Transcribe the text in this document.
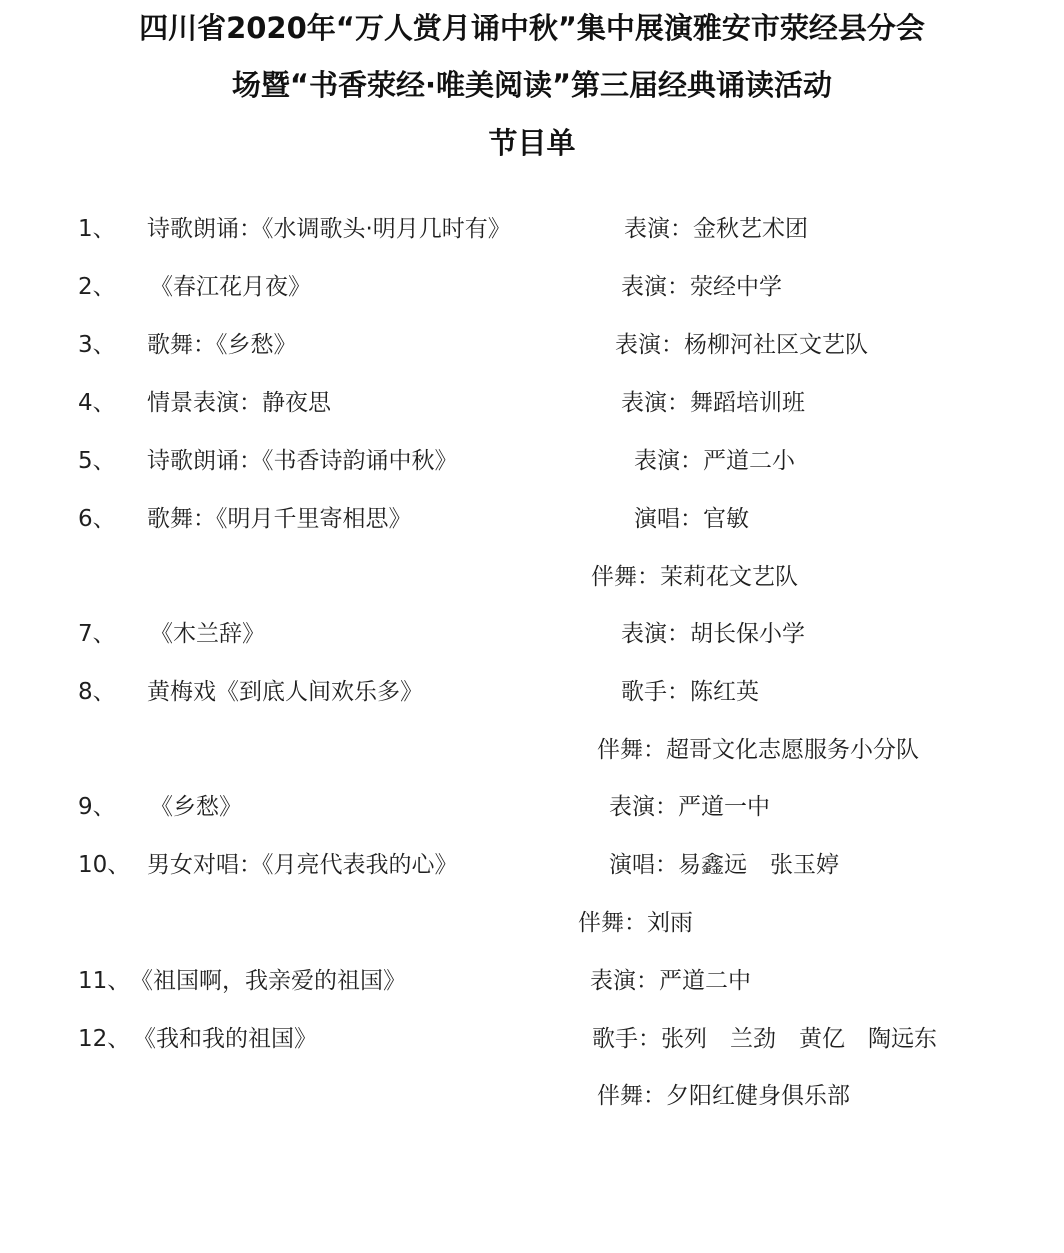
四川省2020年“万人赏月诵中秋”集中展演雅安市荥经县分会
场暨“书香荥经·唯美阅读”第三届经典诵读活动
节目单
1、 诗歌朗诵：《水调歌头·明月几时有》	表演：金秋艺术团
2、 《春江花月夜》	表演：荥经中学
3、 歌舞：《乡愁》	表演：杨柳河社区文艺队
4、 情景表演：静夜思	表演：舞蹈培训班
5、 诗歌朗诵：《书香诗韵诵中秋》	表演：严道二小
6、 歌舞：《明月千里寄相思》	演唱：官敏
伴舞：茉莉花文艺队
7、 《木兰辞》	表演：胡长保小学
8、 黄梅戏《到底人间欢乐多》	歌手：陈红英
伴舞：超哥文化志愿服务小分队
9、 《乡愁》	表演：严道一中
10、 男女对唱：《月亮代表我的心》	演唱：易鑫远　张玉婷
伴舞：刘雨
11、 《祖国啊，我亲爱的祖国》	表演：严道二中
12、 《我和我的祖国》	歌手：张列　兰劲　黄亿　陶远东
伴舞：夕阳红健身俱乐部
